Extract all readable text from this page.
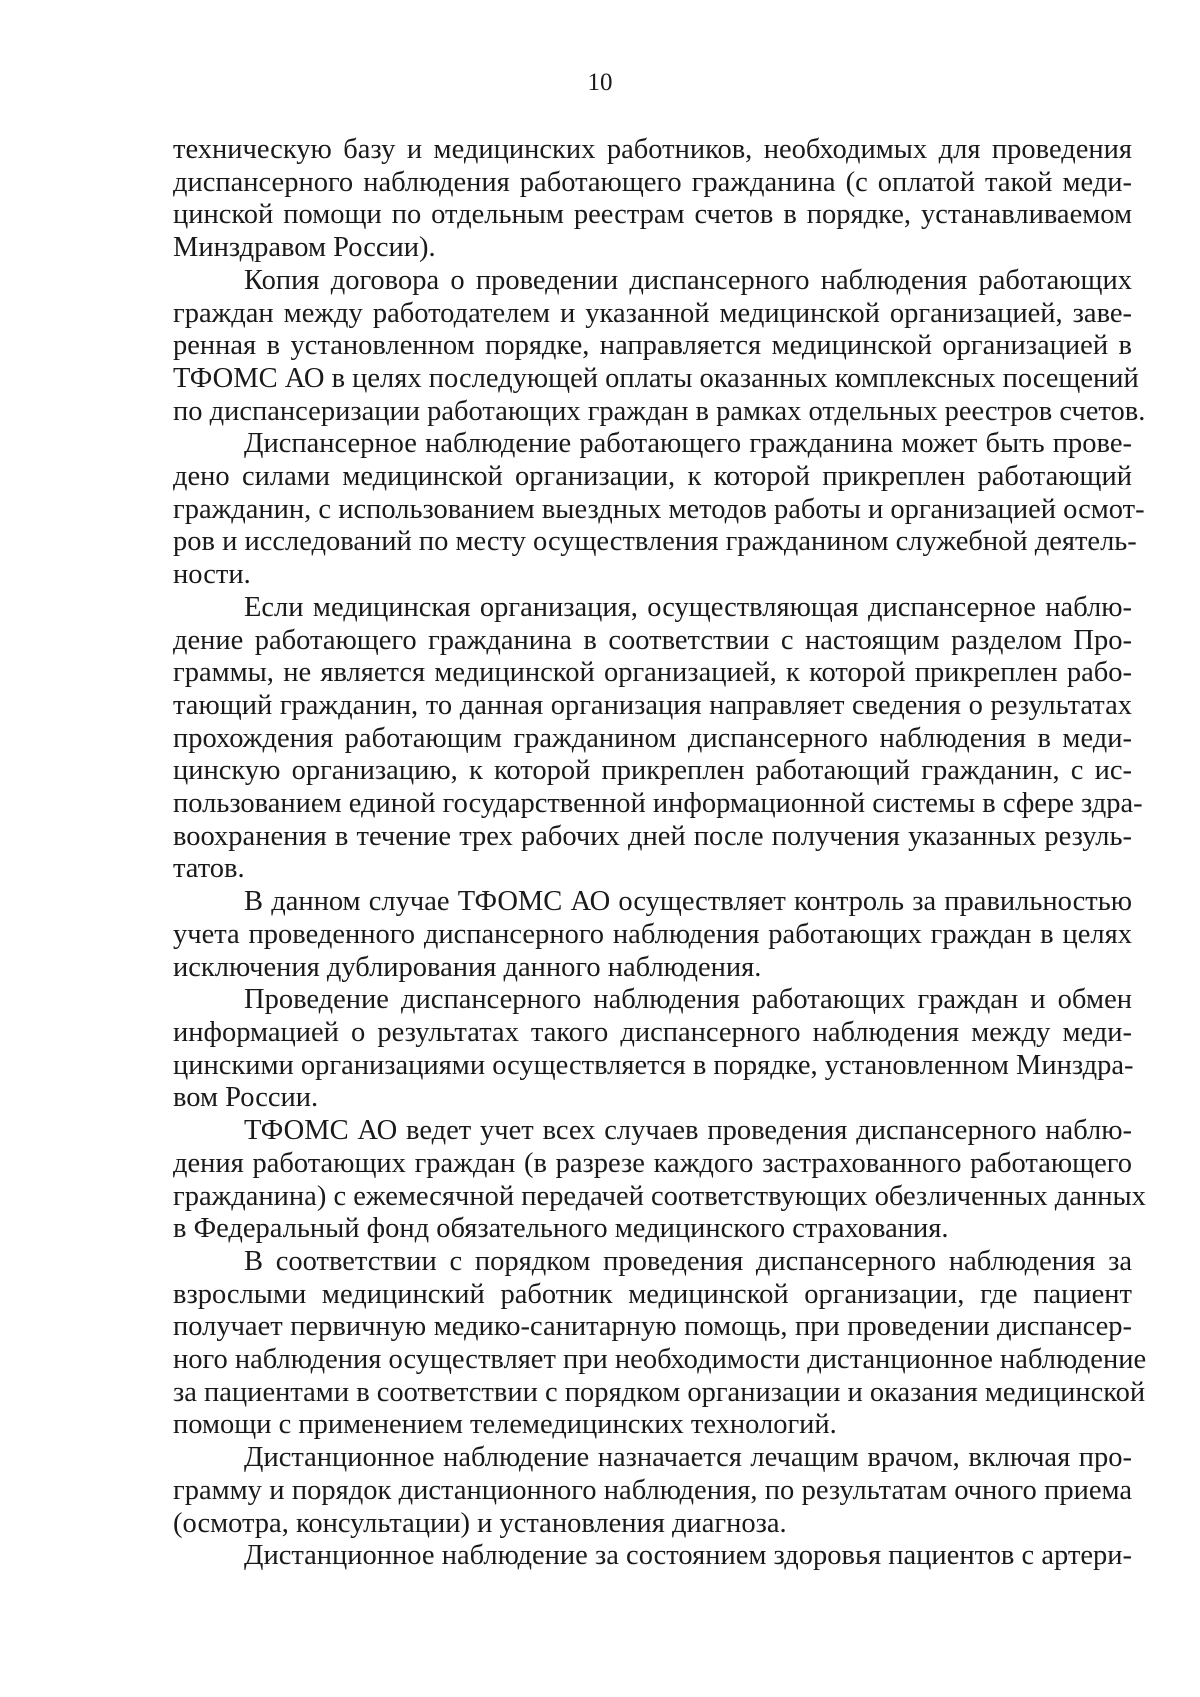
10

техническую базу и медицинских работников, необходимых для проведения
диспансерного наблюдения работающего гражданина (с оплатой такой меди-
цинской помощи по отдельным реестрам счетов в порядке, устанавливаемом
Минздравом России).

Копия договора о проведении диспансерного наблюдения работающих
граждан между работодателем и указанной медицинской организацией, заве-
ренная в установленном порядке, направляется медицинской организацией в
ТФОМС АО в целях последующей оплаты оказанных комплексных посещений
по диспансеризации работающих граждан в рамках отдельных реестров счетов.

Диспансерное наблюдение работающего гражданина может быть прове-
дено силами медицинской организации, к которой прикреплен работающий
гражданин, с использованием выездных методов работы и организацией осмот-
ров и исследований по месту осуществления гражданином служебной деятель-
ности.

Если медицинская организация, осуществляющая диспансерное наблю-
дение работающего гражданина в соответствии с настоящим разделом Про-
граммы, не является медицинской организацией, к которой прикреплен рабо-
тающий гражданин, то данная организация направляет сведения о результатах
прохождения работающим гражданином диспансерного наблюдения в меди-
цинскую организацию, к которой прикреплен работающий гражданин, с ис-
пользованием единой государственной информационной системы в сфере здра-
воохранения в течение трех рабочих дней после получения указанных резуль-
татов.

В данном случае ТФОМС АО осуществляет контроль за правильностью
учета проведенного диспансерного наблюдения работающих граждан в целях
исключения дублирования данного наблюдения.

Проведение диспансерного наблюдения работающих граждан и обмен
информацией о результатах такого диспансерного наблюдения между меди-
цинскими организациями осуществляется в порядке, установленном Минздра-
вом России.

ТФОМС АО ведет учет всех случаев проведения диспансерного наблю-
дения работающих граждан (в разрезе каждого застрахованного работающего
гражданина) с ежемесячной передачей соответствующих обезличенных данных
в Федеральный фонд обязательного медицинского страхования.

В соответствии с порядком проведения диспансерного наблюдения за
взрослыми медицинский работник медицинской организации, где пациент
получает первичную медико-санитарную помощь, при проведении диспансер-
ного наблюдения осуществляет при необходимости дистанционное наблюдение
за пациентами в соответствии с порядком организации и оказания медицинской
помощи с применением телемедицинских технологий.

Дистанционное наблюдение назначается лечащим врачом, включая про-
грамму и порядок дистанционного наблюдения, по результатам очного приема
(осмотра, консультации) и установления диагноза.

Дистанционное наблюдение за состоянием здоровья пациентов с артери-
